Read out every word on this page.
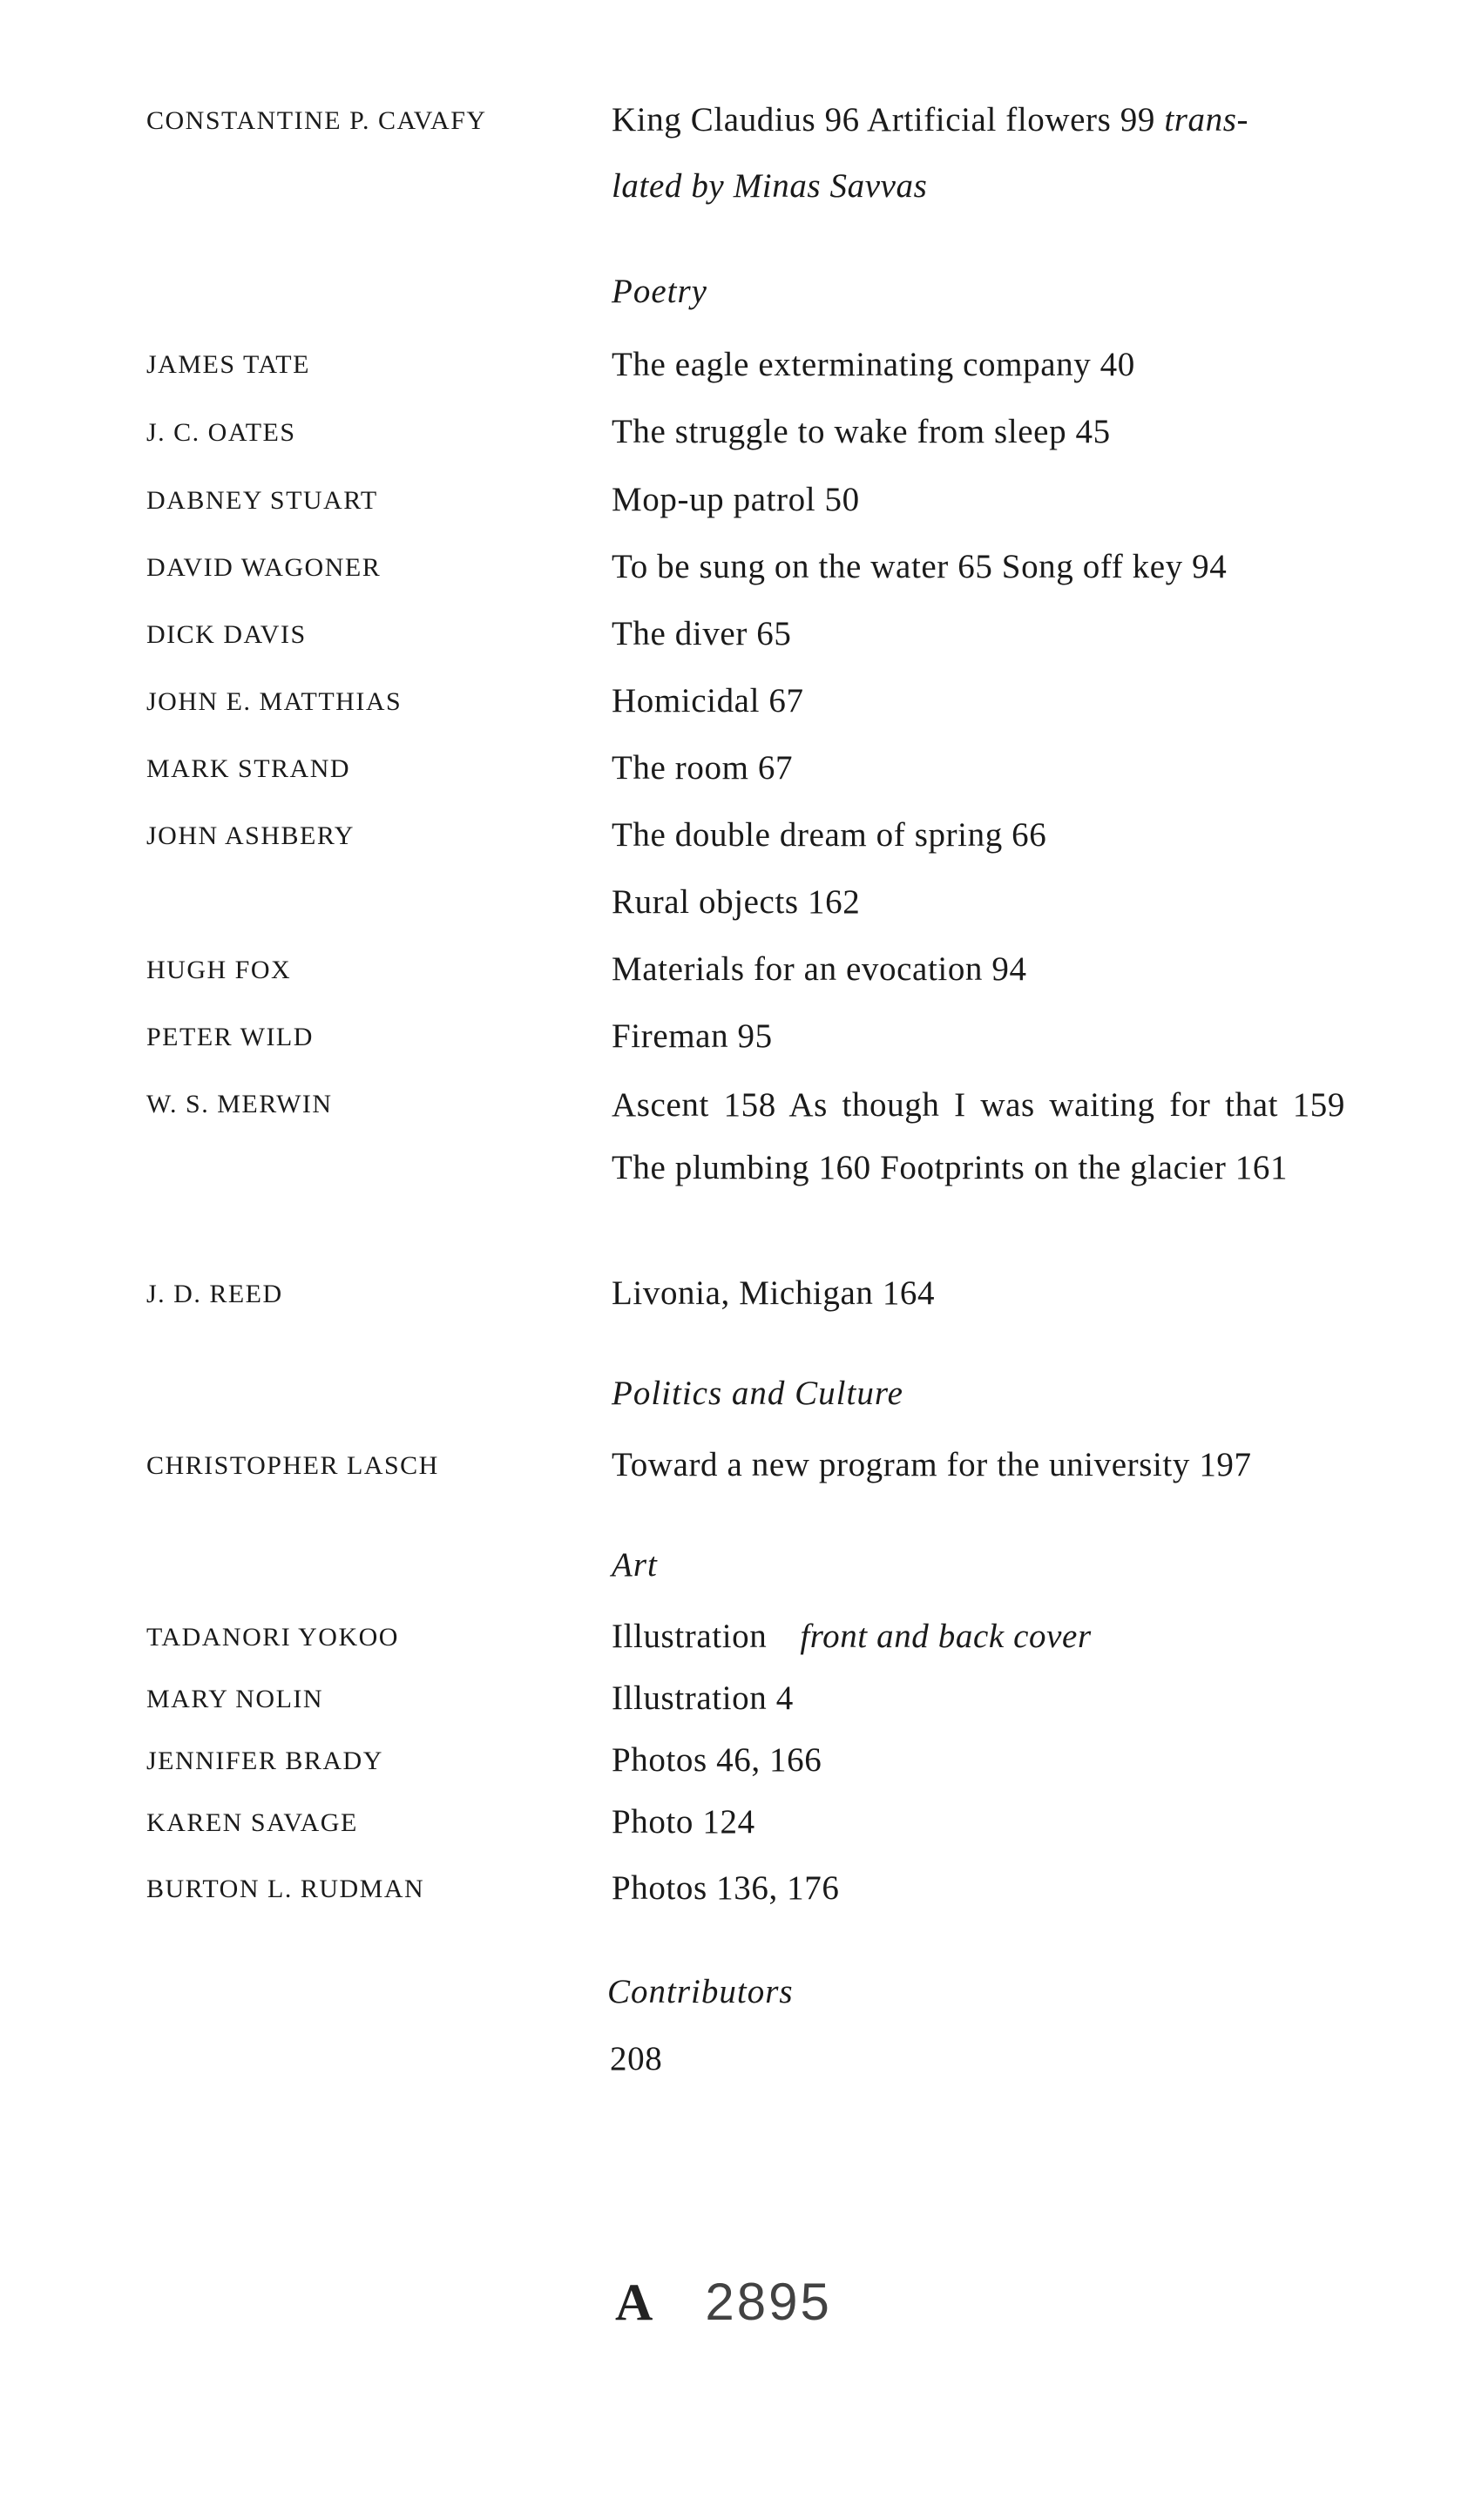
CONSTANTINE P. CAVAFY	King Claudius 96 Artificial flowers 99 trans-
lated by Minas Savvas
Poetry
JAMES TATE	The eagle exterminating company 40
J. C. OATES	The struggle to wake from sleep 45
DABNEY STUART	Mop-up patrol 50
DAVID WAGONER	To be sung on the water 65 Song off key 94
DICK DAVIS	The diver 65
JOHN E. MATTHIAS	Homicidal 67
MARK STRAND	The room 67
JOHN ASHBERY	The double dream of spring 66
Rural objects 162
HUGH FOX	Materials for an evocation 94
PETER WILD	Fireman 95
W. S. MERWIN	Ascent 158 As though I was waiting for that 159 The plumbing 160 Footprints on the glacier 161
J. D. REED	Livonia, Michigan 164
Politics and Culture
CHRISTOPHER LASCH	Toward a new program for the university 197
Art
TADANORI YOKOO	Illustration front and back cover
MARY NOLIN	Illustration 4
JENNIFER BRADY	Photos 46, 166
KAREN SAVAGE	Photo 124
BURTON L. RUDMAN	Photos 136, 176
Contributors
208
A 2895
